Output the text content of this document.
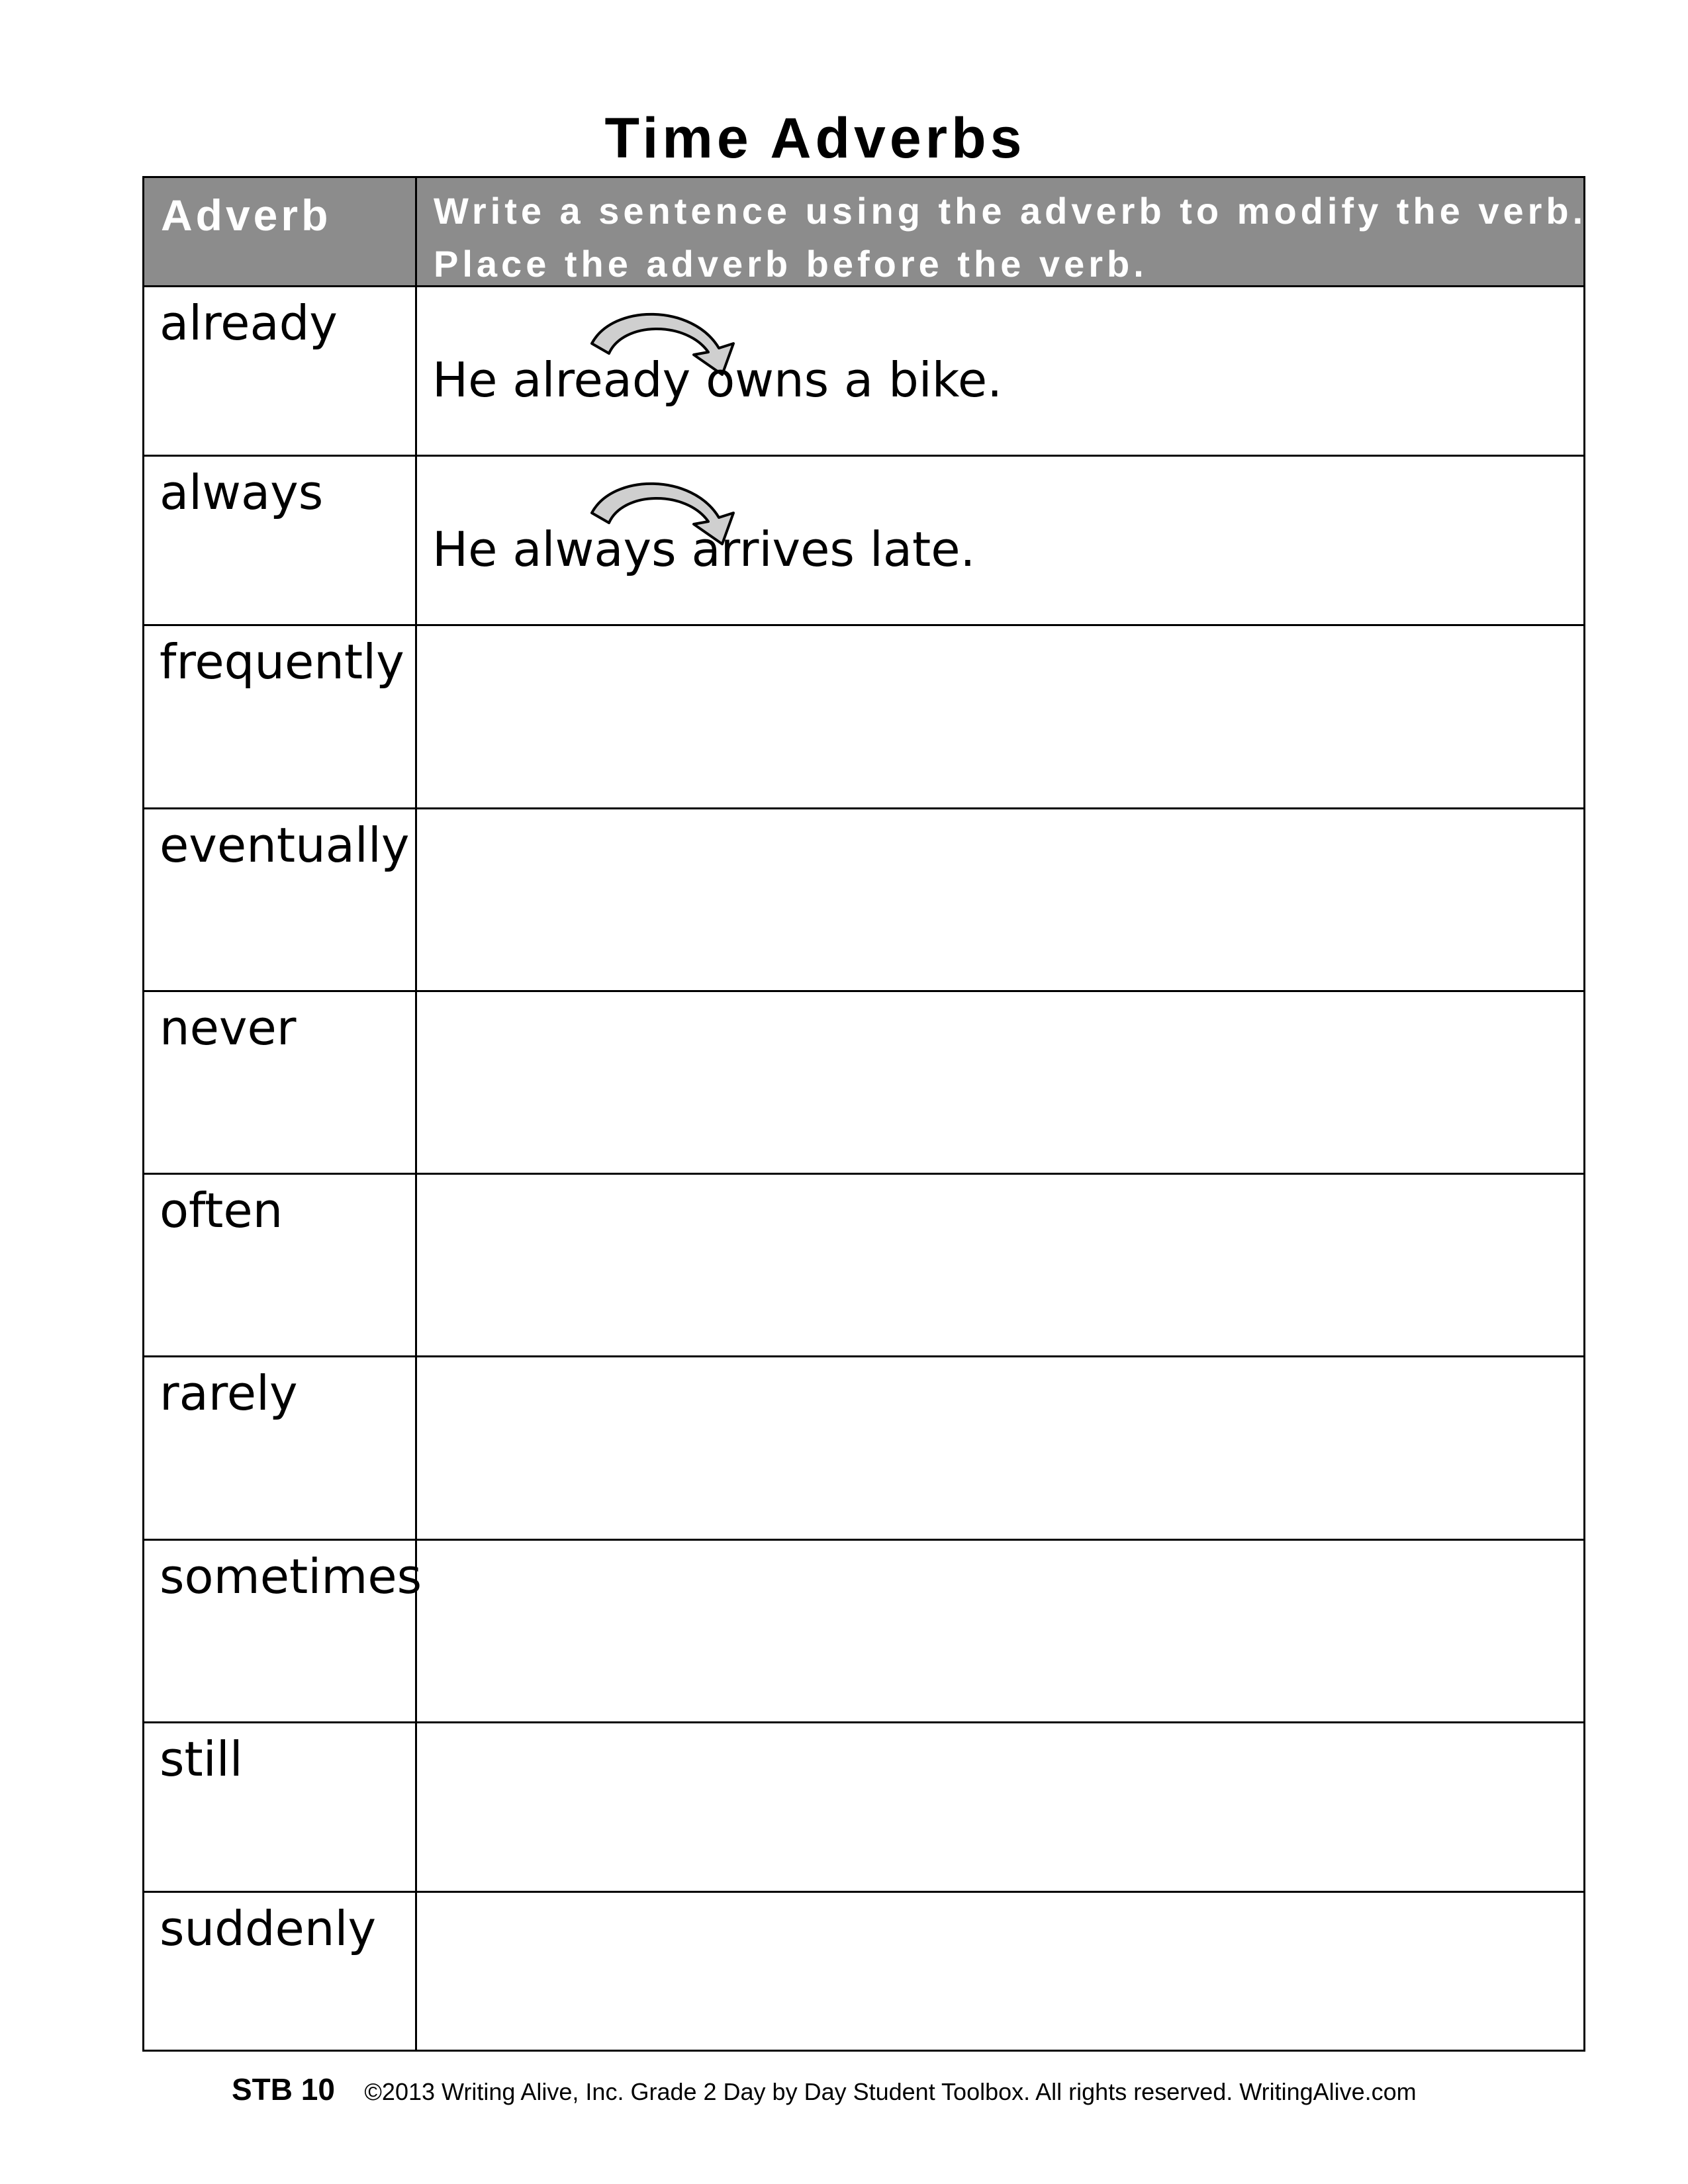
Time Adverbs
Adverb	Write a sentence using the adverb to modify the verb.
Place the adverb before the verb.
already
He already owns a bike.
always
He always arrives late.
frequently
eventually
never
often
rarely
sometimes
still
suddenly
STB 10 ©2013 Writing Alive, Inc. Grade 2 Day by Day Student Toolbox. All rights reserved. WritingAlive.com
